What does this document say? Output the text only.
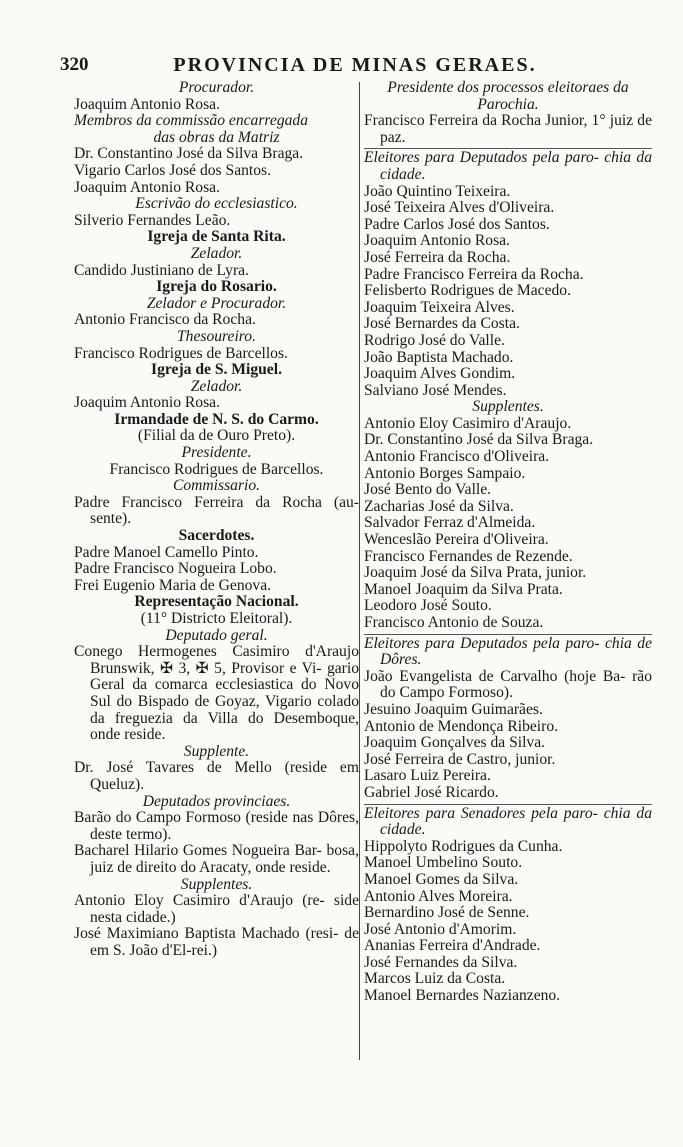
320	PROVINCIA DE MINAS GERAES.
Procurador.
Joaquim Antonio Rosa.
Membros da commissão encarregada
das obras da Matriz
Dr. Constantino José da Silva Braga.
Vigario Carlos José dos Santos.
Joaquim Antonio Rosa.
Escrivão do ecclesiastico.
Silverio Fernandes Leão.
Igreja de Santa Rita.
Zelador.
Candido Justiniano de Lyra.
Igreja do Rosario.
Zelador e Procurador.
Antonio Francisco da Rocha.
Thesoureiro.
Francisco Rodrigues de Barcellos.
Igreja de S. Miguel.
Zelador.
Joaquim Antonio Rosa.
Irmandade de N. S. do Carmo.
(Filial da de Ouro Preto).
Presidente.
Francisco Rodrigues de Barcellos.
Commissario.
Padre Francisco Ferreira da Rocha (au- sente).
Sacerdotes.
Padre Manoel Camello Pinto.
Padre Francisco Nogueira Lobo.
Frei Eugenio Maria de Genova.
Representação Nacional.
(11° Districto Eleitoral).
Deputado geral.
Conego Hermogenes Casimiro d'Araujo Brunswik, ✠ 3, ✠ 5, Provisor e Vi- gario Geral da comarca ecclesiastica do Novo Sul do Bispado de Goyaz, Vigario colado da freguezia da Villa do Desemboque, onde reside.
Supplente.
Dr. José Tavares de Mello (reside em Queluz).
Deputados provinciaes.
Barão do Campo Formoso (reside nas Dôres, deste termo).
Bacharel Hilario Gomes Nogueira Bar- bosa, juiz de direito do Aracaty, onde reside.
Supplentes.
Antonio Eloy Casimiro d'Araujo (re- side nesta cidade.)
José Maximiano Baptista Machado (resi- de em S. João d'El-rei.)
Presidente dos processos eleitoraes da
Parochia.
Francisco Ferreira da Rocha Junior, 1° juiz de paz.
Eleitores para Deputados pela paro- chia da cidade.
João Quintino Teixeira.
José Teixeira Alves d'Oliveira.
Padre Carlos José dos Santos.
Joaquim Antonio Rosa.
José Ferreira da Rocha.
Padre Francisco Ferreira da Rocha.
Felisberto Rodrigues de Macedo.
Joaquim Teixeira Alves.
José Bernardes da Costa.
Rodrigo José do Valle.
João Baptista Machado.
Joaquim Alves Gondim.
Salviano José Mendes.
Supplentes.
Antonio Eloy Casimiro d'Araujo.
Dr. Constantino José da Silva Braga.
Antonio Francisco d'Oliveira.
Antonio Borges Sampaio.
José Bento do Valle.
Zacharias José da Silva.
Salvador Ferraz d'Almeida.
Wenceslão Pereira d'Oliveira.
Francisco Fernandes de Rezende.
Joaquim José da Silva Prata, junior.
Manoel Joaquim da Silva Prata.
Leodoro José Souto.
Francisco Antonio de Souza.
Eleitores para Deputados pela paro- chia de Dôres.
João Evangelista de Carvalho (hoje Ba- rão do Campo Formoso).
Jesuino Joaquim Guimarães.
Antonio de Mendonça Ribeiro.
Joaquim Gonçalves da Silva.
José Ferreira de Castro, junior.
Lasaro Luiz Pereira.
Gabriel José Ricardo.
Eleitores para Senadores pela paro- chia da cidade.
Hippolyto Rodrigues da Cunha.
Manoel Umbelino Souto.
Manoel Gomes da Silva.
Antonio Alves Moreira.
Bernardino José de Senne.
José Antonio d'Amorim.
Ananias Ferreira d'Andrade.
José Fernandes da Silva.
Marcos Luiz da Costa.
Manoel Bernardes Nazianzeno.
